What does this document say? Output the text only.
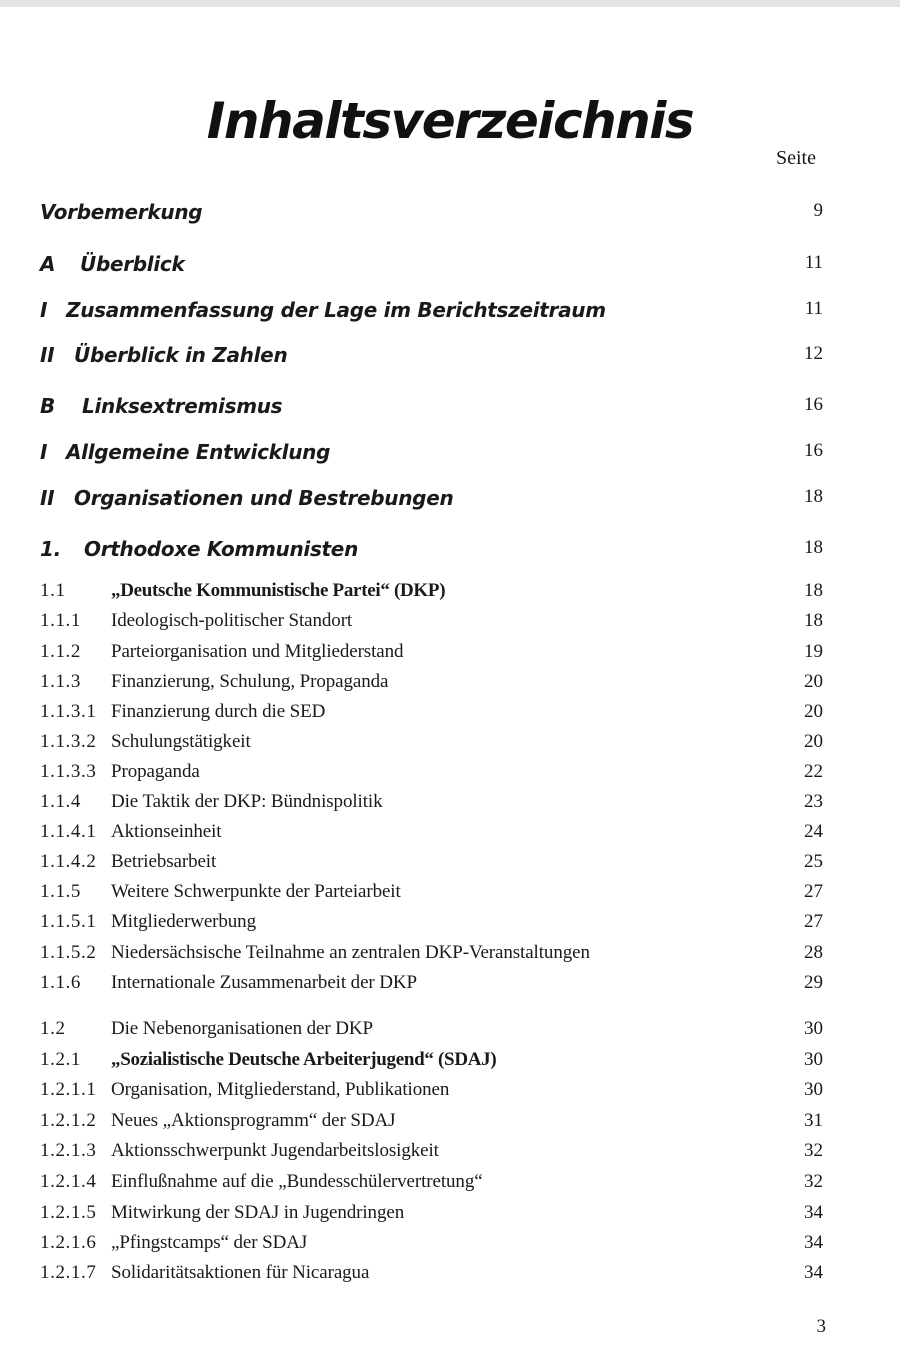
Inhaltsverzeichnis
Seite
Vorbemerkung	9
A Überblick	11
I Zusammenfassung der Lage im Berichtszeitraum	11
II Überblick in Zahlen	12
B Linksextremismus	16
I Allgemeine Entwicklung	16
II Organisationen und Bestrebungen	18
1. Orthodoxe Kommunisten	18
1.1 „Deutsche Kommunistische Partei“ (DKP)	18
1.1.1 Ideologisch-politischer Standort	18
1.1.2 Parteiorganisation und Mitgliederstand	19
1.1.3 Finanzierung, Schulung, Propaganda	20
1.1.3.1 Finanzierung durch die SED	20
1.1.3.2 Schulungstätigkeit	20
1.1.3.3 Propaganda	22
1.1.4 Die Taktik der DKP: Bündnispolitik	23
1.1.4.1 Aktionseinheit	24
1.1.4.2 Betriebsarbeit	25
1.1.5 Weitere Schwerpunkte der Parteiarbeit	27
1.1.5.1 Mitgliederwerbung	27
1.1.5.2 Niedersächsische Teilnahme an zentralen DKP-Veranstaltungen	28
1.1.6 Internationale Zusammenarbeit der DKP	29
1.2 Die Nebenorganisationen der DKP	30
1.2.1 „Sozialistische Deutsche Arbeiterjugend“ (SDAJ)	30
1.2.1.1 Organisation, Mitgliederstand, Publikationen	30
1.2.1.2 Neues „Aktionsprogramm“ der SDAJ	31
1.2.1.3 Aktionsschwerpunkt Jugendarbeitslosigkeit	32
1.2.1.4 Einflußnahme auf die „Bundesschülervertretung“	32
1.2.1.5 Mitwirkung der SDAJ in Jugendringen	34
1.2.1.6 „Pfingstcamps“ der SDAJ	34
1.2.1.7 Solidaritätsaktionen für Nicaragua	34
3
